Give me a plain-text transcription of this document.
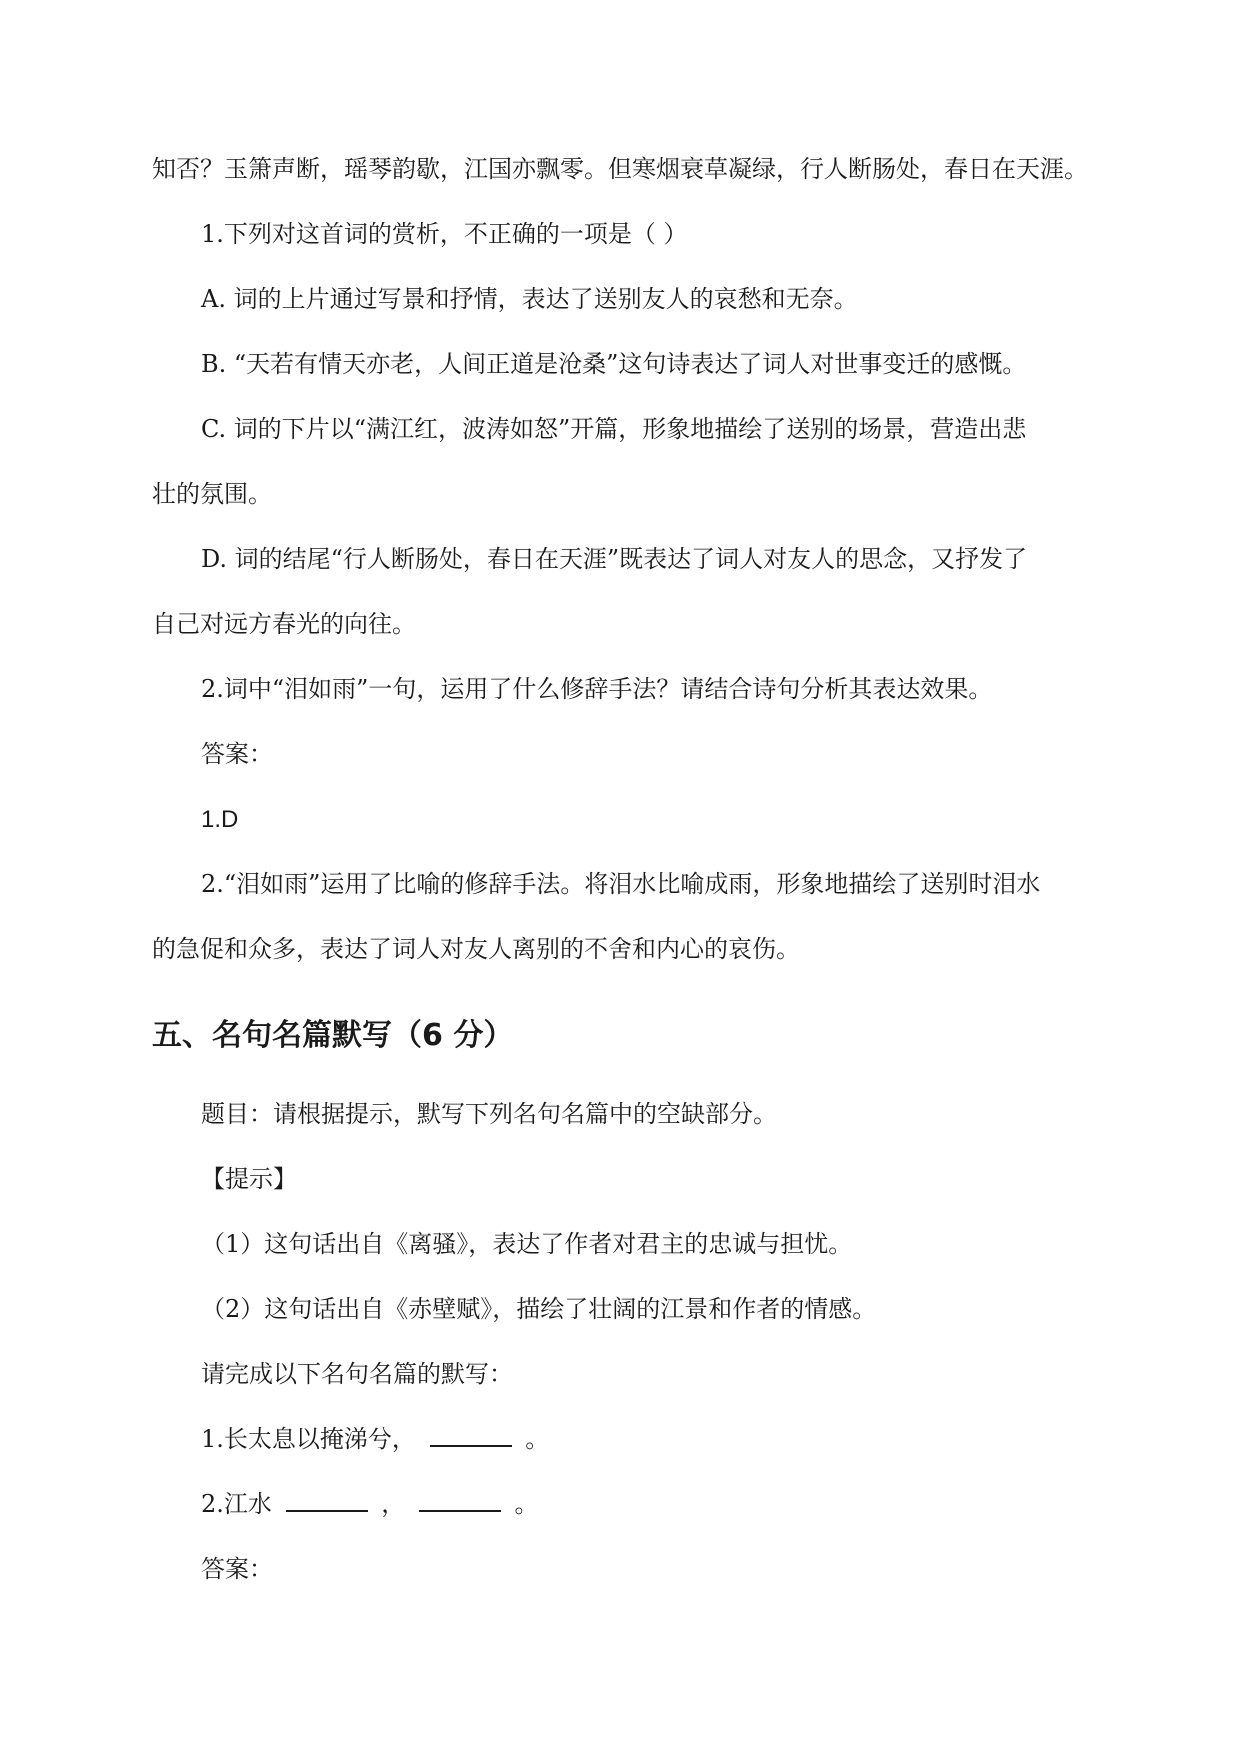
知否？玉箫声断，瑶琴韵歇，江国亦飘零。但寒烟衰草凝绿，行人断肠处，春日在天涯。

1.下列对这首词的赏析，不正确的一项是（ ）

A. 词的上片通过写景和抒情，表达了送别友人的哀愁和无奈。

B. “天若有情天亦老，人间正道是沧桑”这句诗表达了词人对世事变迁的感慨。

C. 词的下片以“满江红，波涛如怒”开篇，形象地描绘了送别的场景，营造出悲

壮的氛围。

D. 词的结尾“行人断肠处，春日在天涯”既表达了词人对友人的思念，又抒发了

自己对远方春光的向往。

2.词中“泪如雨”一句，运用了什么修辞手法？请结合诗句分析其表达效果。

答案：

1.D

2.“泪如雨”运用了比喻的修辞手法。将泪水比喻成雨，形象地描绘了送别时泪水

的急促和众多，表达了词人对友人离别的不舍和内心的哀伤。

五、名句名篇默写（6 分）

题目：请根据提示，默写下列名句名篇中的空缺部分。

【提示】

（1）这句话出自《离骚》，表达了作者对君主的忠诚与担忧。

（2）这句话出自《赤壁赋》，描绘了壮阔的江景和作者的情感。

请完成以下名句名篇的默写：

1.长太息以掩涕兮，	。

2.江水	，	。

答案：
